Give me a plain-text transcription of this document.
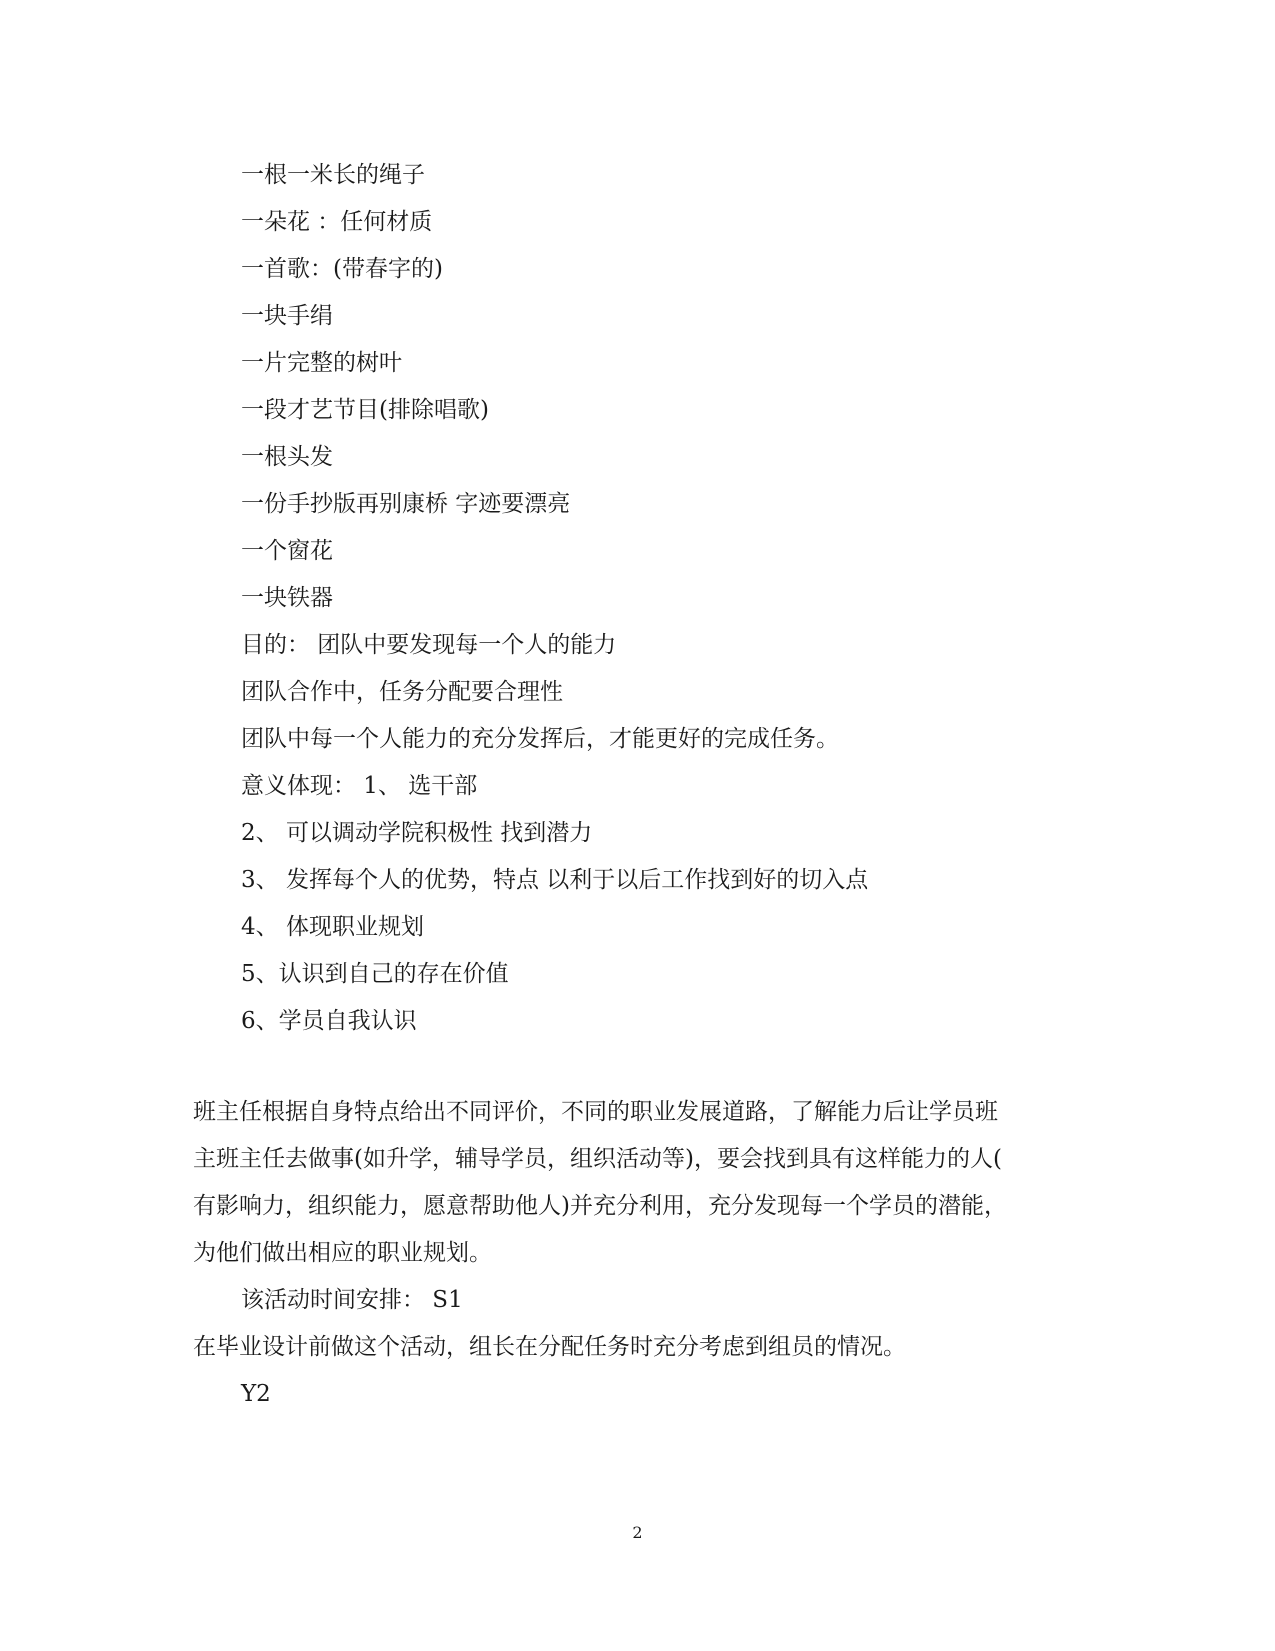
一根一米长的绳子
一朵花 ：任何材质
一首歌：(带春字的)
一块手绢
一片完整的树叶
一段才艺节目(排除唱歌)
一根头发
一份手抄版再别康桥 字迹要漂亮
一个窗花
一块铁器
目的： 团队中要发现每一个人的能力
团队合作中，任务分配要合理性
团队中每一个人能力的充分发挥后，才能更好的完成任务。
意义体现： 1、 选干部
2、 可以调动学院积极性 找到潜力
3、 发挥每个人的优势，特点 以利于以后工作找到好的切入点
4、 体现职业规划
5、认识到自己的存在价值
6、学员自我认识
班主任根据自身特点给出不同评价，不同的职业发展道路，了解能力后让学员班
主班主任去做事(如升学，辅导学员，组织活动等)，要会找到具有这样能力的人(
有影响力，组织能力，愿意帮助他人)并充分利用，充分发现每一个学员的潜能，
为他们做出相应的职业规划。
该活动时间安排： S1
在毕业设计前做这个活动，组长在分配任务时充分考虑到组员的情况。
Y2
2
